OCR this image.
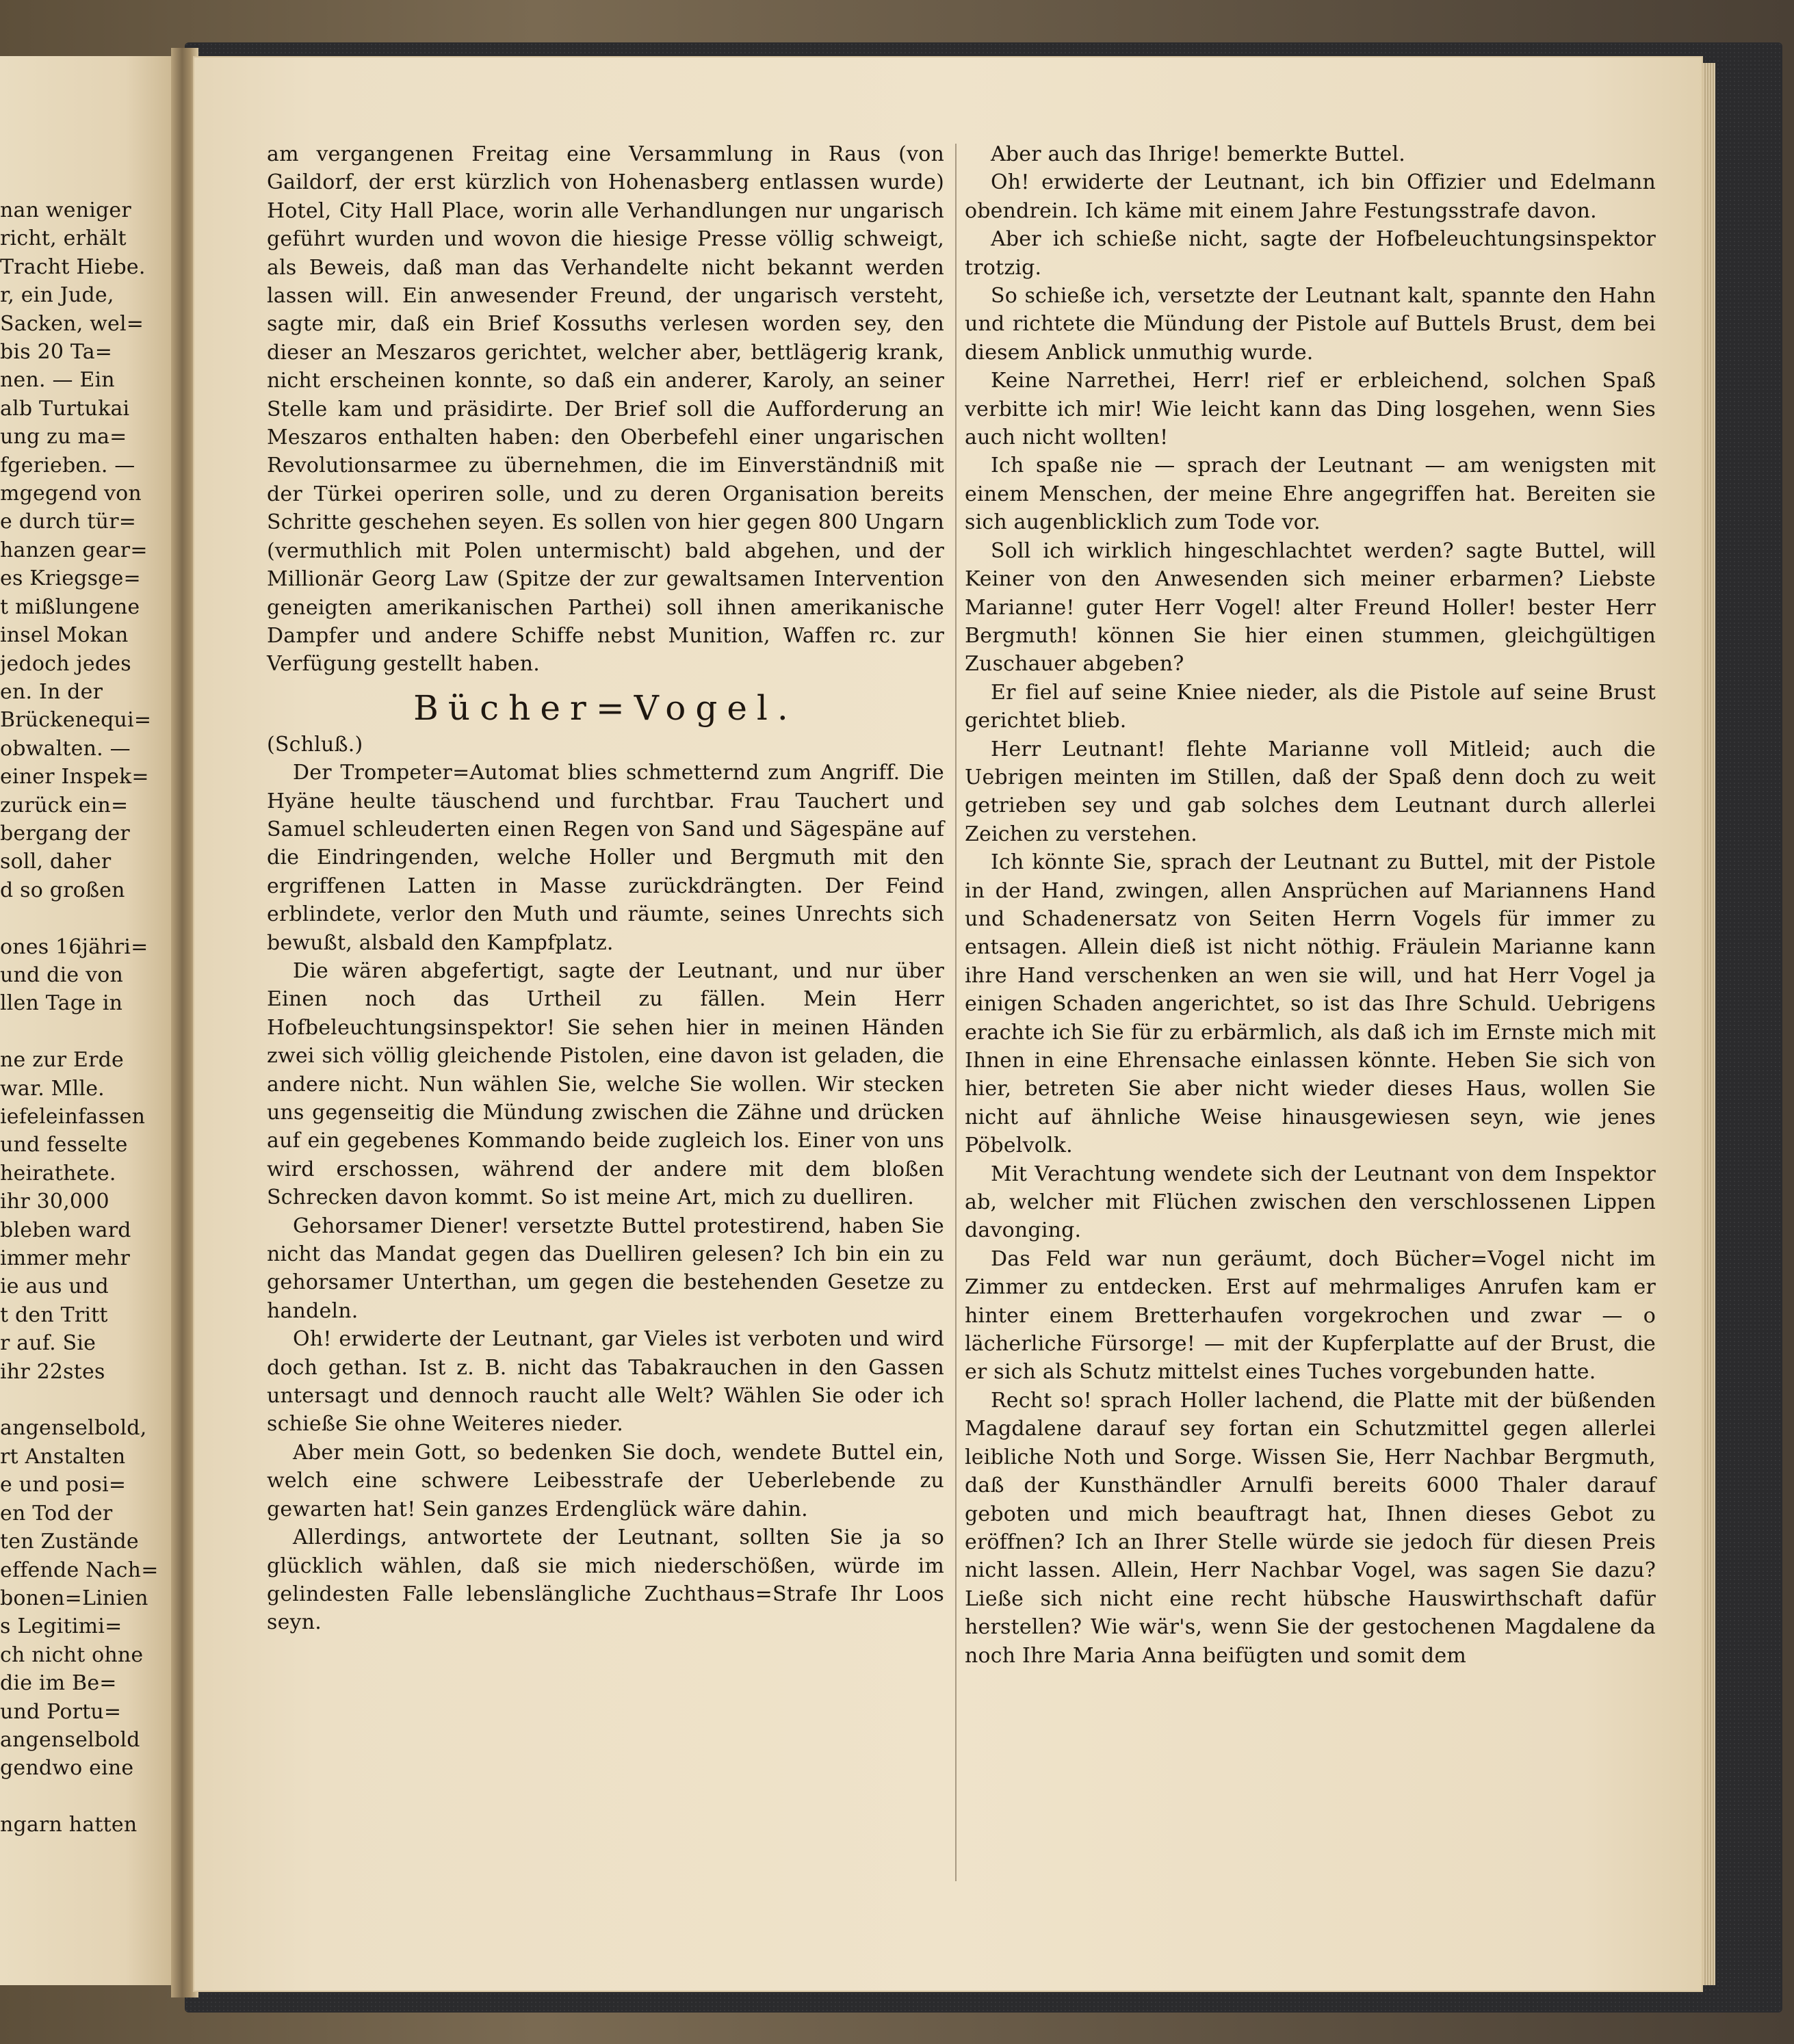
nan weniger

richt, erhält

Tracht Hiebe.

r, ein Jude,

Sacken, wel=

bis 20 Ta=

nen. — Ein

alb Turtukai

ung zu ma=

fgerieben. —

mgegend von

e durch tür=

hanzen gear=

es Kriegsge=

t mißlungene

insel Mokan

jedoch jedes

en. In der

Brückenequi=

obwalten. —

einer Inspek=

zurück ein=

bergang der

soll, daher

d so großen

ones 16jähri=

und die von

llen Tage in

ne zur Erde

war. Mlle.

iefeleinfassen

und fesselte

heirathete.

ihr 30,000

bleben ward

immer mehr

ie aus und

t den Tritt

r auf. Sie

ihr 22stes

angenselbold,

rt Anstalten

e und posi=

en Tod der

ten Zustände

effende Nach=

bonen=Linien

s Legitimi=

ch nicht ohne

die im Be=

und Portu=

angenselbold

gendwo eine

ngarn hatten

am vergangenen Freitag eine Versammlung in Raus (von Gaildorf, der erst kürzlich von Hohenasberg entlassen wurde) Hotel, City Hall Place, worin alle Verhandlungen nur ungarisch geführt wurden und wovon die hiesige Presse völlig schweigt, als Beweis, daß man das Verhandelte nicht bekannt werden lassen will. Ein anwesender Freund, der ungarisch versteht, sagte mir, daß ein Brief Kossuths verlesen worden sey, den dieser an Meszaros gerichtet, welcher aber, bettlägerig krank, nicht erscheinen konnte, so daß ein anderer, Karoly, an seiner Stelle kam und präsidirte. Der Brief soll die Aufforderung an Meszaros enthalten haben: den Oberbefehl einer ungarischen Revolutionsarmee zu übernehmen, die im Einverständniß mit der Türkei operiren solle, und zu deren Organisation bereits Schritte geschehen seyen. Es sollen von hier gegen 800 Ungarn (vermuthlich mit Polen untermischt) bald abgehen, und der Millionär Georg Law (Spitze der zur gewaltsamen Intervention geneigten amerikanischen Parthei) soll ihnen amerikanische Dampfer und andere Schiffe nebst Munition, Waffen rc. zur Verfügung gestellt haben.

Bücher=Vogel.

(Schluß.)

Der Trompeter=Automat blies schmetternd zum Angriff. Die Hyäne heulte täuschend und furchtbar. Frau Tauchert und Samuel schleuderten einen Regen von Sand und Sägespäne auf die Eindringenden, welche Holler und Bergmuth mit den ergriffenen Latten in Masse zurückdrängten. Der Feind erblindete, verlor den Muth und räumte, seines Unrechts sich bewußt, alsbald den Kampfplatz.

Die wären abgefertigt, sagte der Leutnant, und nur über Einen noch das Urtheil zu fällen. Mein Herr Hofbeleuchtungsinspektor! Sie sehen hier in meinen Händen zwei sich völlig gleichende Pistolen, eine davon ist geladen, die andere nicht. Nun wählen Sie, welche Sie wollen. Wir stecken uns gegenseitig die Mündung zwischen die Zähne und drücken auf ein gegebenes Kommando beide zugleich los. Einer von uns wird erschossen, während der andere mit dem bloßen Schrecken davon kommt. So ist meine Art, mich zu duelliren.

Gehorsamer Diener! versetzte Buttel protestirend, haben Sie nicht das Mandat gegen das Duelliren gelesen? Ich bin ein zu gehorsamer Unterthan, um gegen die bestehenden Gesetze zu handeln.

Oh! erwiderte der Leutnant, gar Vieles ist verboten und wird doch gethan. Ist z. B. nicht das Tabakrauchen in den Gassen untersagt und dennoch raucht alle Welt? Wählen Sie oder ich schieße Sie ohne Weiteres nieder.

Aber mein Gott, so bedenken Sie doch, wendete Buttel ein, welch eine schwere Leibesstrafe der Ueberlebende zu gewarten hat! Sein ganzes Erdenglück wäre dahin.

Allerdings, antwortete der Leutnant, sollten Sie ja so glücklich wählen, daß sie mich niederschößen, würde im gelindesten Falle lebenslängliche Zuchthaus=Strafe Ihr Loos seyn.

Aber auch das Ihrige! bemerkte Buttel.

Oh! erwiderte der Leutnant, ich bin Offizier und Edelmann obendrein. Ich käme mit einem Jahre Festungsstrafe davon.

Aber ich schieße nicht, sagte der Hofbeleuchtungsinspektor trotzig.

So schieße ich, versetzte der Leutnant kalt, spannte den Hahn und richtete die Mündung der Pistole auf Buttels Brust, dem bei diesem Anblick unmuthig wurde.

Keine Narrethei, Herr! rief er erbleichend, solchen Spaß verbitte ich mir! Wie leicht kann das Ding losgehen, wenn Sies auch nicht wollten!

Ich spaße nie — sprach der Leutnant — am wenigsten mit einem Menschen, der meine Ehre angegriffen hat. Bereiten sie sich augenblicklich zum Tode vor.

Soll ich wirklich hingeschlachtet werden? sagte Buttel, will Keiner von den Anwesenden sich meiner erbarmen? Liebste Marianne! guter Herr Vogel! alter Freund Holler! bester Herr Bergmuth! können Sie hier einen stummen, gleichgültigen Zuschauer abgeben?

Er fiel auf seine Kniee nieder, als die Pistole auf seine Brust gerichtet blieb.

Herr Leutnant! flehte Marianne voll Mitleid; auch die Uebrigen meinten im Stillen, daß der Spaß denn doch zu weit getrieben sey und gab solches dem Leutnant durch allerlei Zeichen zu verstehen.

Ich könnte Sie, sprach der Leutnant zu Buttel, mit der Pistole in der Hand, zwingen, allen Ansprüchen auf Mariannens Hand und Schadenersatz von Seiten Herrn Vogels für immer zu entsagen. Allein dieß ist nicht nöthig. Fräulein Marianne kann ihre Hand verschenken an wen sie will, und hat Herr Vogel ja einigen Schaden angerichtet, so ist das Ihre Schuld. Uebrigens erachte ich Sie für zu erbärmlich, als daß ich im Ernste mich mit Ihnen in eine Ehrensache einlassen könnte. Heben Sie sich von hier, betreten Sie aber nicht wieder dieses Haus, wollen Sie nicht auf ähnliche Weise hinausgewiesen seyn, wie jenes Pöbelvolk.

Mit Verachtung wendete sich der Leutnant von dem Inspektor ab, welcher mit Flüchen zwischen den verschlossenen Lippen davonging.

Das Feld war nun geräumt, doch Bücher=Vogel nicht im Zimmer zu entdecken. Erst auf mehrmaliges Anrufen kam er hinter einem Bretterhaufen vorgekrochen und zwar — o lächerliche Fürsorge! — mit der Kupferplatte auf der Brust, die er sich als Schutz mittelst eines Tuches vorgebunden hatte.

Recht so! sprach Holler lachend, die Platte mit der büßenden Magdalene darauf sey fortan ein Schutzmittel gegen allerlei leibliche Noth und Sorge. Wissen Sie, Herr Nachbar Bergmuth, daß der Kunsthändler Arnulfi bereits 6000 Thaler darauf geboten und mich beauftragt hat, Ihnen dieses Gebot zu eröffnen? Ich an Ihrer Stelle würde sie jedoch für diesen Preis nicht lassen. Allein, Herr Nachbar Vogel, was sagen Sie dazu? Ließe sich nicht eine recht hübsche Hauswirthschaft dafür herstellen? Wie wär's, wenn Sie der gestochenen Magdalene da noch Ihre Maria Anna beifügten und somit dem
